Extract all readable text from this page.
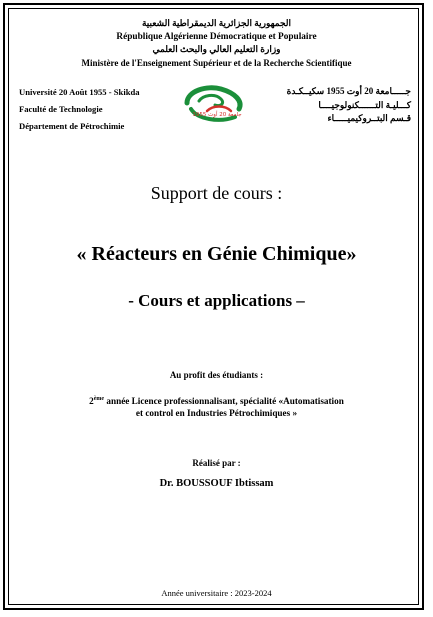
الجمهورية الجزائرية الديمقراطية الشعبية
République Algérienne Démocratique et Populaire
وزارة التعليم العالي والبحث العلمي
Ministère de l'Enseignement Supérieur et de la Recherche Scientifique
Université 20 Août 1955 - Skikda
Faculté de Technologie
Département de Pétrochimie
جـــــامعة 20 أوت 1955 سكيــكـدة
كـــليـة التــــــكنولوجيــــا
قـسم البتــروكيميـــــاء
جامعة 20 أوت 1955
Support de cours :
« Réacteurs en Génie Chimique»
- Cours et applications –
Au profit des étudiants :
2ème année Licence professionnalisant, spécialité «Automatisation
et control en Industries Pétrochimiques »
Réalisé par :
Dr. BOUSSOUF Ibtissam
Année universitaire : 2023-2024
